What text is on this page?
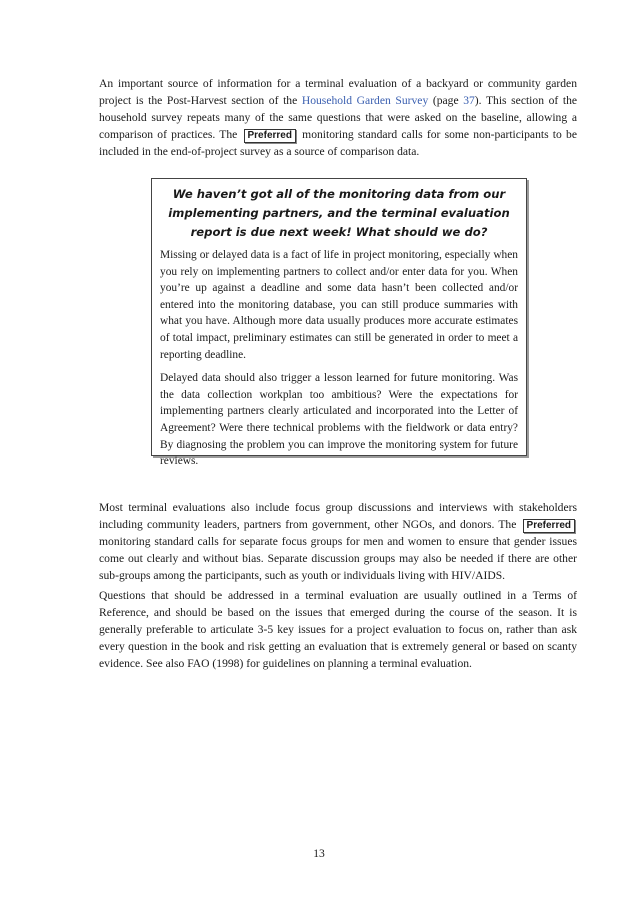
An important source of information for a terminal evaluation of a backyard or community garden project is the Post-Harvest section of the Household Garden Survey (page 37). This section of the household survey repeats many of the same questions that were asked on the baseline, allowing a comparison of practices. The Preferred monitoring standard calls for some non-participants to be included in the end-of-project survey as a source of comparison data.

We haven’t got all of the monitoring data from our implementing partners, and the terminal evaluation report is due next week! What should we do?

Missing or delayed data is a fact of life in project monitoring, especially when you rely on implementing partners to collect and/or enter data for you. When you’re up against a deadline and some data hasn’t been collected and/or entered into the monitoring database, you can still produce summaries with what you have. Although more data usually produces more accurate estimates of total impact, preliminary estimates can still be generated in order to meet a reporting deadline.

Delayed data should also trigger a lesson learned for future monitoring. Was the data collection workplan too ambitious? Were the expectations for implementing partners clearly articulated and incorporated into the Letter of Agreement? Were there technical problems with the fieldwork or data entry? By diagnosing the problem you can improve the monitoring system for future reviews.

Most terminal evaluations also include focus group discussions and interviews with stakeholders including community leaders, partners from government, other NGOs, and donors. The Preferred monitoring standard calls for separate focus groups for men and women to ensure that gender issues come out clearly and without bias. Separate discussion groups may also be needed if there are other sub-groups among the participants, such as youth or individuals living with HIV/AIDS.

Questions that should be addressed in a terminal evaluation are usually outlined in a Terms of Reference, and should be based on the issues that emerged during the course of the season. It is generally preferable to articulate 3-5 key issues for a project evaluation to focus on, rather than ask every question in the book and risk getting an evaluation that is extremely general or based on scanty evidence. See also FAO (1998) for guidelines on planning a terminal evaluation.

13
